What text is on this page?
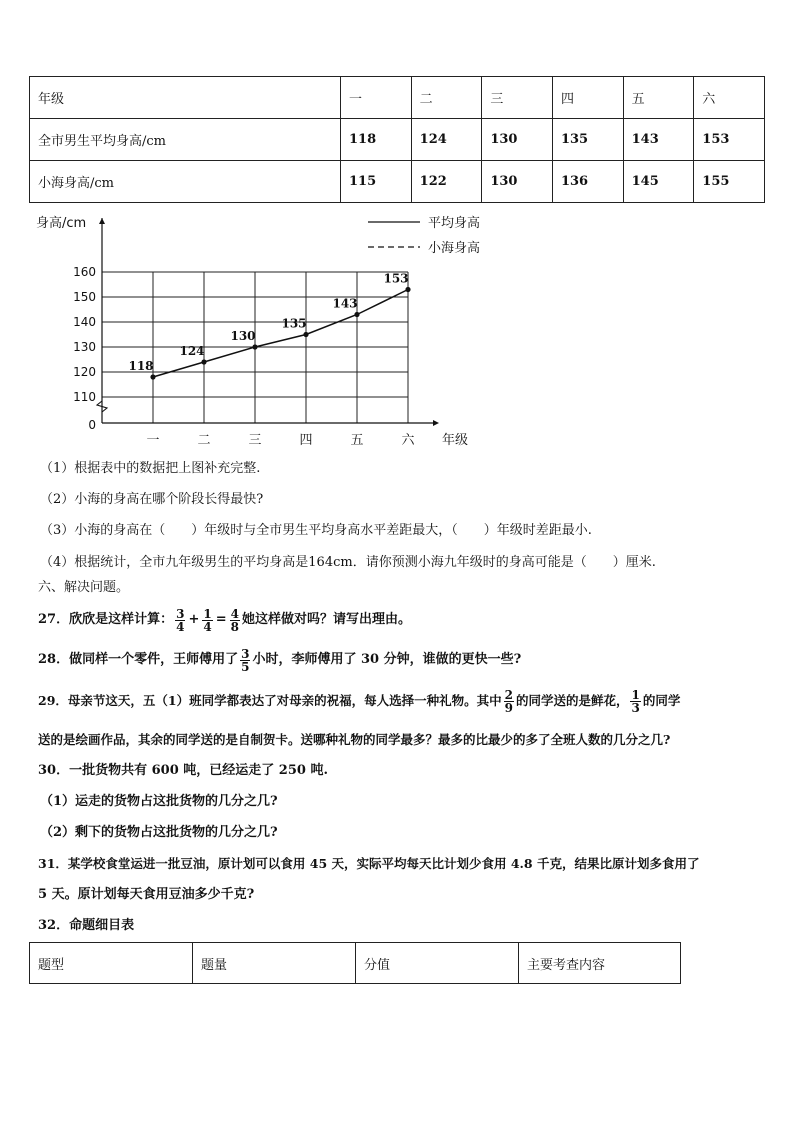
年级	一	二	三	四	五	六
全市男生平均身高/cm	118	124	130	135	143	153
小海身高/cm	115	122	130	136	145	155
160
150
140
130
120
110
0
一	二	三	四	五	六
身高/cm
年级
平均身高
小海身高
118
124
130
135
143
153
（1）根据表中的数据把上图补充完整.
（2）小海的身高在哪个阶段长得最快?
（3）小海的身高在（　　）年级时与全市男生平均身高水平差距最大，（　　）年级时差距最小.
（4）根据统计，全市九年级男生的平均身高是164cm．请你预测小海九年级时的身高可能是（　　）厘米.
六、解决问题。
27．欣欣是这样计算： $\frac{3}{4} + \frac{1}{4} = \frac{4}{8}$ 她这样做对吗？请写出理由。
28．做同样一个零件，王师傅用了 $\frac{3}{5}$ 小时，李师傅用了 30 分钟，谁做的更快一些?
29．母亲节这天，五（1）班同学都表达了对母亲的祝福，每人选择一种礼物。其中 $\frac{2}{9}$ 的同学送的是鲜花， $\frac{1}{3}$ 的同学
送的是绘画作品，其余的同学送的是自制贺卡。送哪种礼物的同学最多？最多的比最少的多了全班人数的几分之几?
30．一批货物共有 600 吨，已经运走了 250 吨.
（1）运走的货物占这批货物的几分之几?
（2）剩下的货物占这批货物的几分之几?
31．某学校食堂运进一批豆油，原计划可以食用 45 天，实际平均每天比计划少食用 4.8 千克，结果比原计划多食用了
5 天。原计划每天食用豆油多少千克?
32．命题细目表
题型	题量	分值	主要考查内容
